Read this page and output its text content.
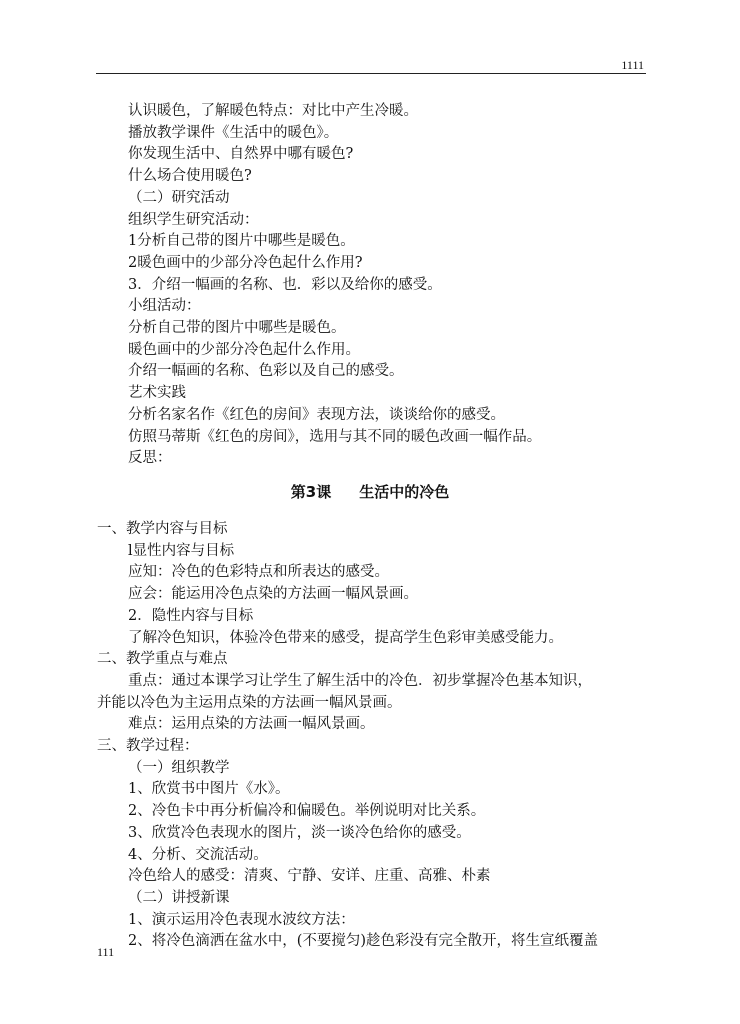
1111
认识暖色，了解暖色特点：对比中产生冷暖。
播放教学课件《生活中的暖色》。
你发现生活中、自然界中哪有暖色?
什么场合使用暖色?
（二）研究活动
组织学生研究活动：
1分析自己带的图片中哪些是暖色。
2暖色画中的少部分冷色起什么作用?
3．介绍一幅画的名称、也．彩以及给你的感受。
小组活动：
分析自己带的图片中哪些是暖色。
暖色画中的少部分冷色起什么作用。
介绍一幅画的名称、色彩以及自己的感受。
艺术实践
分析名家名作《红色的房间》表现方法，谈谈给你的感受。
仿照马蒂斯《红色的房间》，选用与其不同的暖色改画一幅作品。
反思：
第3课 生活中的冷色
一、教学内容与目标
l显性内容与目标
应知：冷色的色彩特点和所表达的感受。
应会：能运用冷色点染的方法画一幅风景画。
2．隐性内容与目标
了解冷色知识，体验冷色带来的感受，提高学生色彩审美感受能力。
二、教学重点与难点
重点：通过本课学习让学生了解生活中的冷色．初步掌握冷色基本知识，
并能以冷色为主运用点染的方法画一幅风景画。
难点：运用点染的方法画一幅风景画。
三、教学过程：
（一）组织教学
1、欣赏书中图片《水》。
2、冷色卡中再分析偏冷和偏暖色。举例说明对比关系。
3、欣赏冷色表现水的图片，淡一谈冷色给你的感受。
4、分析、交流活动。
冷色给人的感受：清爽、宁静、安详、庄重、高雅、朴素
（二）讲授新课
1、演示运用冷色表现水波纹方法：
2、将冷色滴洒在盆水中，(不要搅匀)趁色彩没有完全散开，将生宣纸覆盖
111
